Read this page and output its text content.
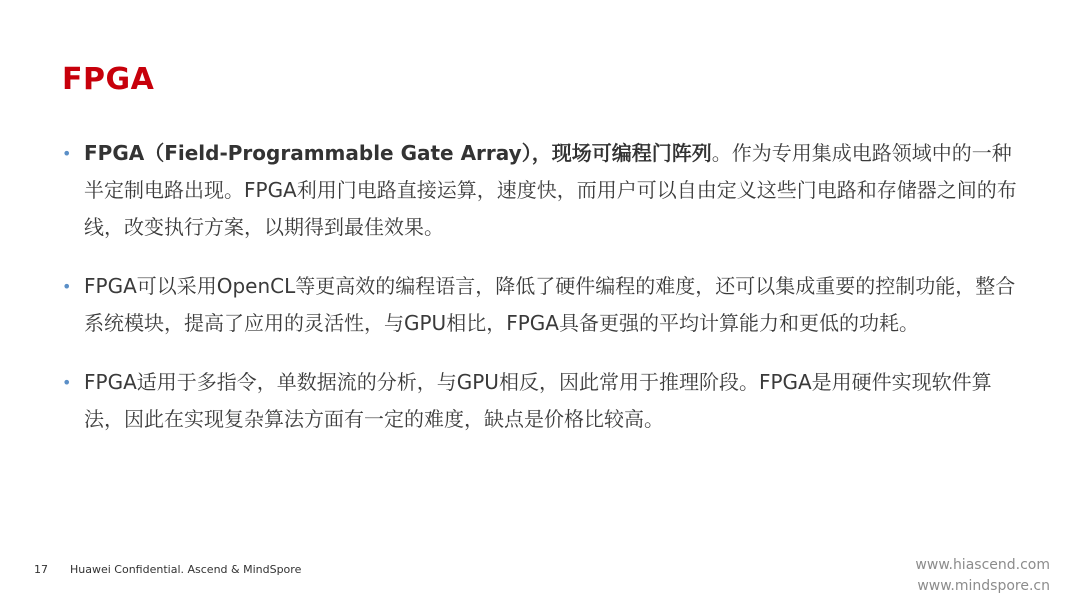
FPGA
• FPGA（Field-Programmable Gate Array），现场可编程门阵列。作为专用集成电路领域中的一种半定制电路出现。FPGA利用门电路直接运算，速度快，而用户可以自由定义这些门电路和存储器之间的布线，改变执行方案，以期得到最佳效果。
• FPGA可以采用OpenCL等更高效的编程语言，降低了硬件编程的难度，还可以集成重要的控制功能，整合系统模块，提高了应用的灵活性，与GPU相比，FPGA具备更强的平均计算能力和更低的功耗。
• FPGA适用于多指令，单数据流的分析，与GPU相反，因此常用于推理阶段。FPGA是用硬件实现软件算法，因此在实现复杂算法方面有一定的难度，缺点是价格比较高。
17 Huawei Confidential. Ascend & MindSpore	www.hiascend.com
www.mindspore.cn
